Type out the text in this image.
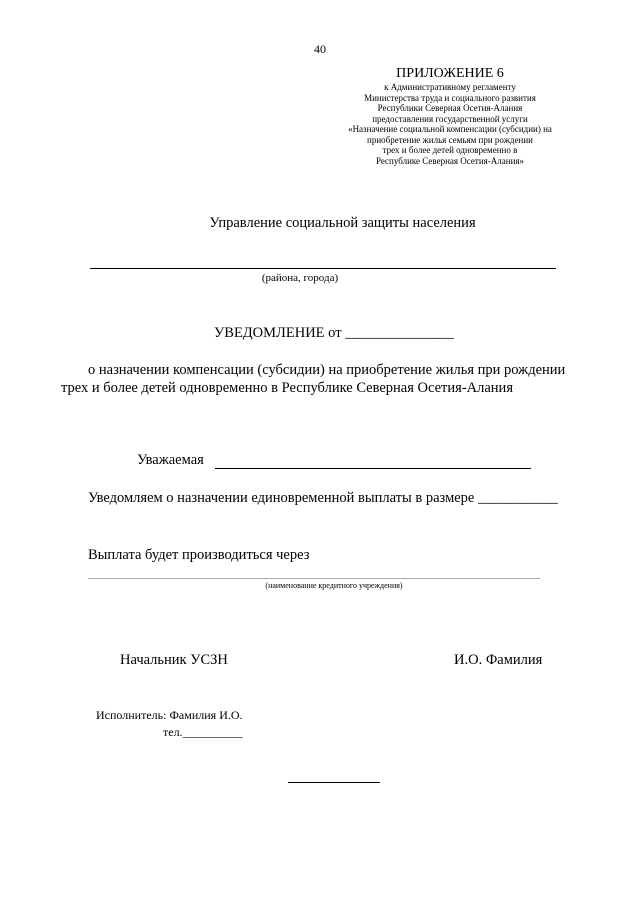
40
ПРИЛОЖЕНИЕ 6
к Административному регламенту
Министерства труда и социального развития
Республики Северная Осетия-Алания
предоставления государственной услуги
«Назначение социальной компенсации (субсидии) на
приобретение жилья семьям при рождении
трех и более детей одновременно в
Республике Северная Осетия-Алания»
Управление социальной защиты населения
(района, города)
УВЕДОМЛЕНИЕ от _______________
о назначении компенсации (субсидии) на приобретение жилья при рождении
трех и более детей одновременно в Республике Северная Осетия-Алания
Уважаемая
Уведомляем о назначении единовременной выплаты в размере ___________
Выплата будет производиться через
(наименование кредитного учреждения)
Начальник УСЗН	И.О. Фамилия
Исполнитель: Фамилия И.О.
тел.__________
